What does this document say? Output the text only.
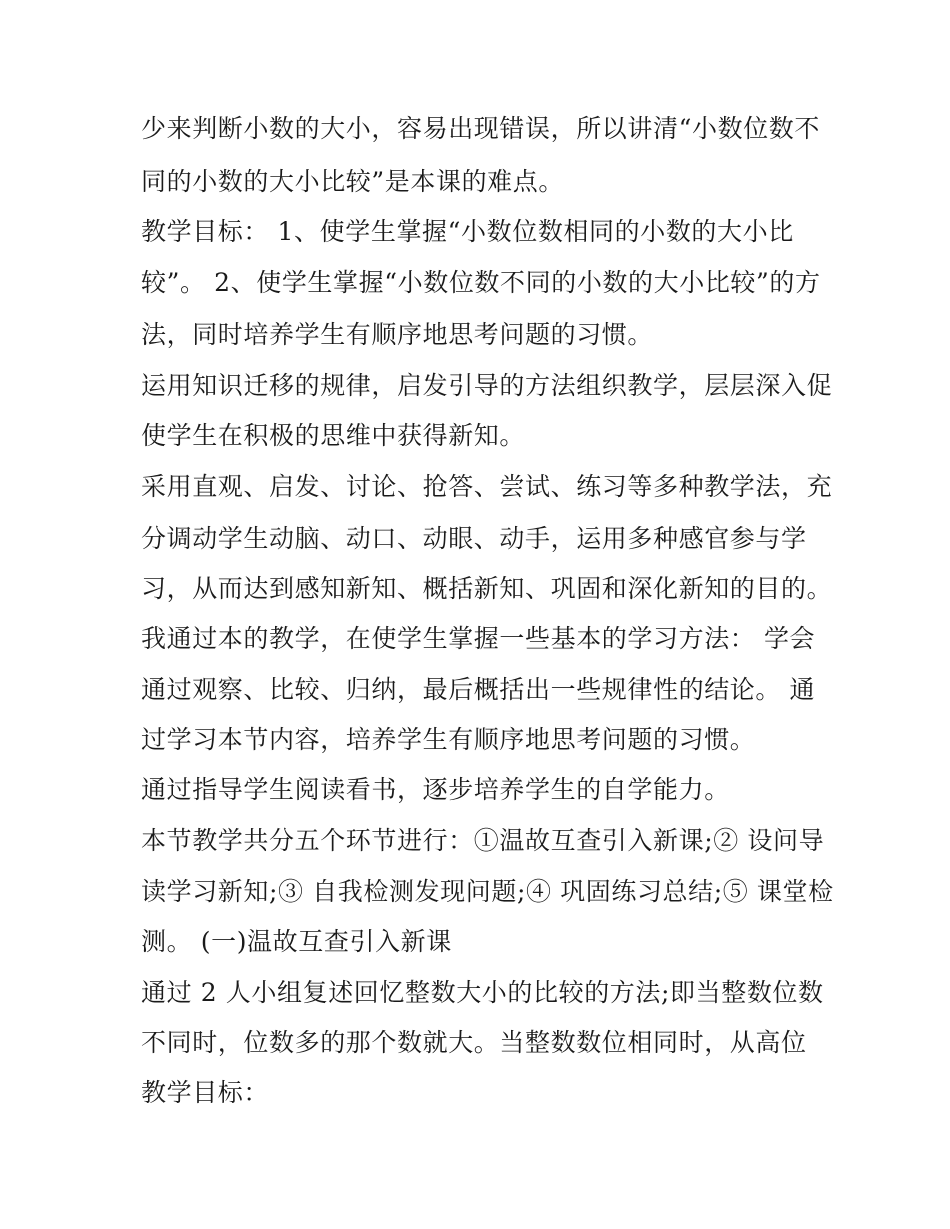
少来判断小数的大小，容易出现错误，所以讲清“小数位数不
同的小数的大小比较”是本课的难点。
教学目标： 1、使学生掌握“小数位数相同的小数的大小比
较”。 2、使学生掌握“小数位数不同的小数的大小比较”的方
法，同时培养学生有顺序地思考问题的习惯。
运用知识迁移的规律，启发引导的方法组织教学，层层深入促
使学生在积极的思维中获得新知。
采用直观、启发、讨论、抢答、尝试、练习等多种教学法，充
分调动学生动脑、动口、动眼、动手，运用多种感官参与学
习，从而达到感知新知、概括新知、巩固和深化新知的目的。
我通过本的教学，在使学生掌握一些基本的学习方法： 学会
通过观察、比较、归纳，最后概括出一些规律性的结论。 通
过学习本节内容，培养学生有顺序地思考问题的习惯。
通过指导学生阅读看书，逐步培养学生的自学能力。
本节教学共分五个环节进行：①温故互查引入新课;② 设问导
读学习新知;③ 自我检测发现问题;④ 巩固练习总结;⑤ 课堂检
测。 (一)温故互查引入新课
通过 2 人小组复述回忆整数大小的比较的方法;即当整数位数
不同时，位数多的那个数就大。当整数数位相同时，从高位
教学目标：
